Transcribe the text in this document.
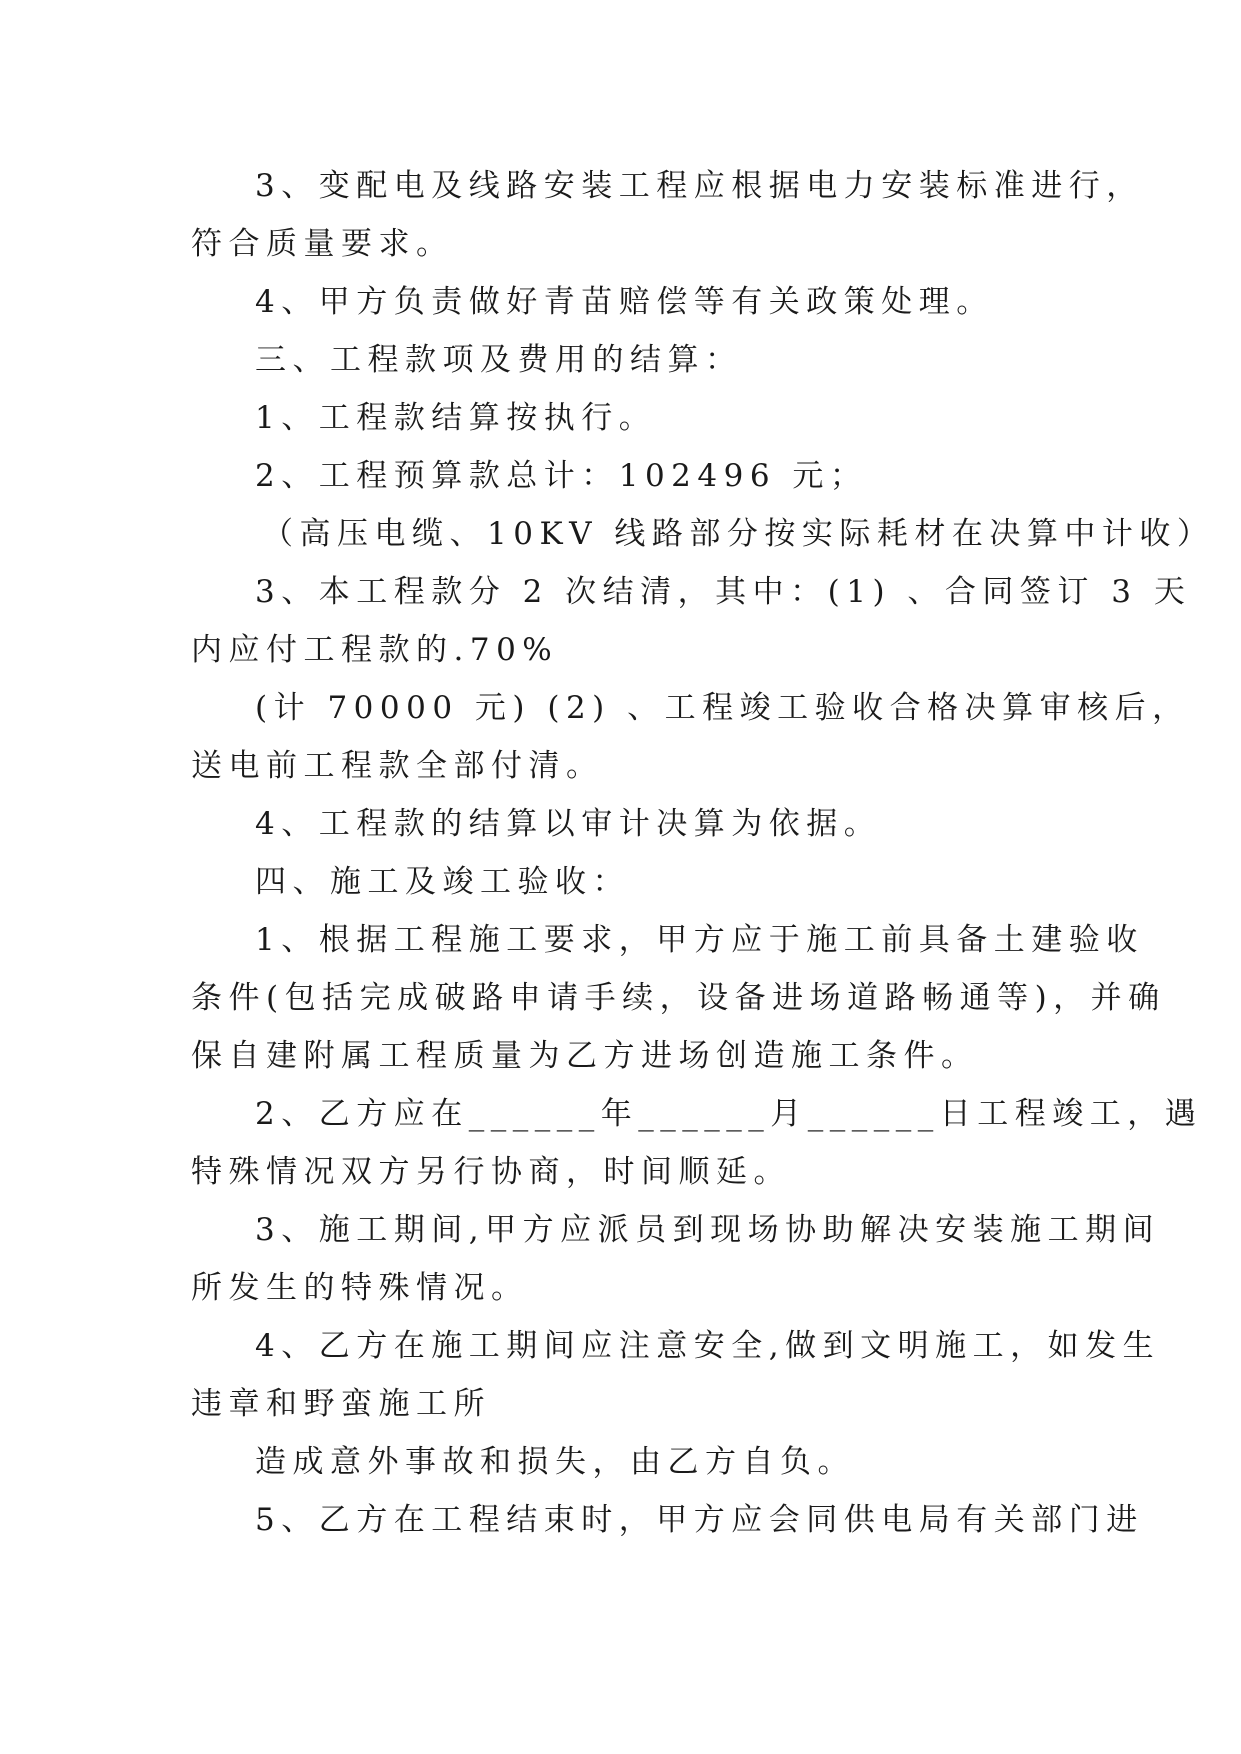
3、变配电及线路安装工程应根据电力安装标准进行，
符合质量要求。
4、甲方负责做好青苗赔偿等有关政策处理。
三、工程款项及费用的结算：
1、工程款结算按执行。
2、工程预算款总计：102496 元；
（高压电缆、10KV 线路部分按实际耗材在决算中计收）
3、本工程款分 2 次结清，其中：(1) 、合同签订 3 天
内应付工程款的.70%
(计 70000 元) (2) 、工程竣工验收合格决算审核后，
送电前工程款全部付清。
4、工程款的结算以审计决算为依据。
四、施工及竣工验收：
1、根据工程施工要求，甲方应于施工前具备土建验收
条件(包括完成破路申请手续，设备进场道路畅通等)，并确
保自建附属工程质量为乙方进场创造施工条件。
2、乙方应在______年______月______日工程竣工，遇
特殊情况双方另行协商，时间顺延。
3、施工期间,甲方应派员到现场协助解决安装施工期间
所发生的特殊情况。
4、乙方在施工期间应注意安全,做到文明施工，如发生
违章和野蛮施工所
造成意外事故和损失，由乙方自负。
5、乙方在工程结束时，甲方应会同供电局有关部门进
